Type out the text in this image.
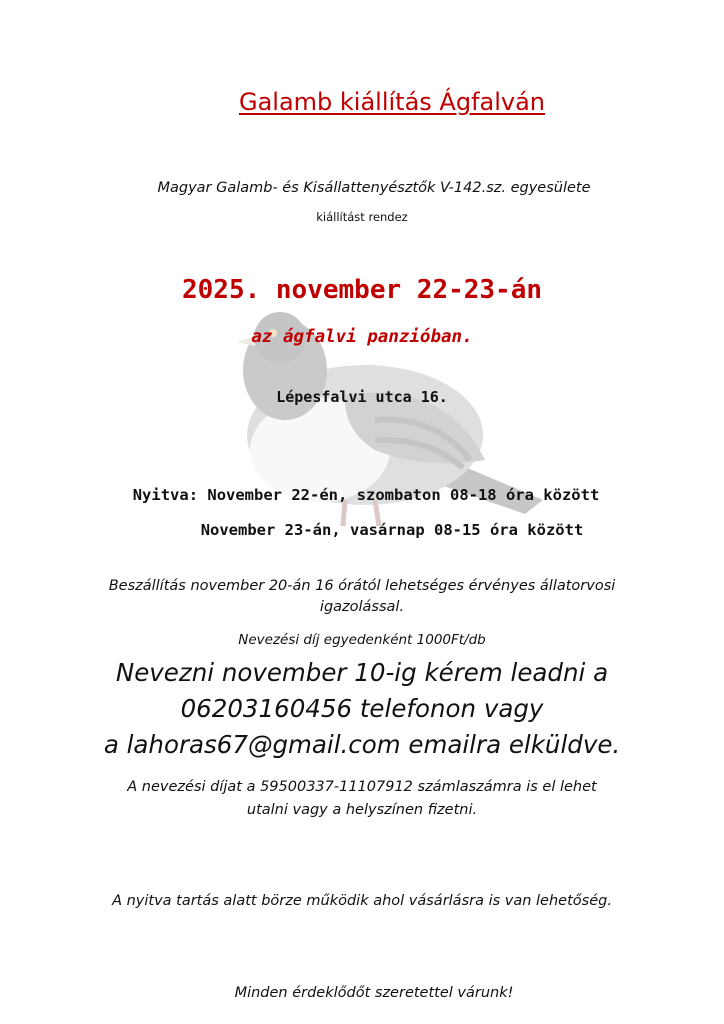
Galamb kiállítás Ágfalván

Magyar Galamb- és Kisállattenyésztők V-142.sz. egyesülete

kiállítást rendez

2025. november 22-23-án

az ágfalvi panzióban.

Lépesfalvi utca 16.

Nyitva: November 22-én, szombaton 08-18 óra között

November 23-án, vasárnap 08-15 óra között

Beszállítás november 20-án 16 órától lehetséges érvényes állatorvosi
igazolással.

Nevezési díj egyedenként 1000Ft/db

Nevezni november 10-ig kérem leadni a
06203160456 telefonon vagy
a lahoras67@gmail.com emailra elküldve.
A nevezési díjat a 59500337-11107912 számlaszámra is el lehet
utalni vagy a helyszínen fizetni.

A nyitva tartás alatt börze működik ahol vásárlásra is van lehetőség.

Minden érdeklődőt szeretettel várunk!
